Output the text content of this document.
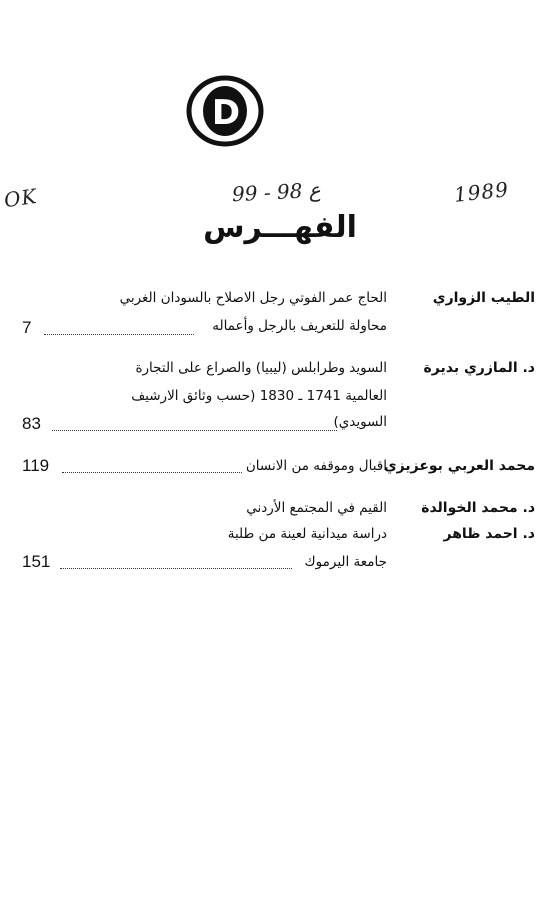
D
OK	99 - 98 ع	1989
الفهـــرس
الطيب الزواري
الحاج عمر الفوتي رجل الاصلاح بالسودان الغربي
محاولة للتعريف بالرجل وأعماله
7
د. المازري بديرة
السويد وطرابلس (ليبيا) والصراع على التجارة
العالمية 1741 ـ 1830 (حسب وثائق الارشيف
السويدي)
83
محمد العربي بوعزيزي
اقبال وموقفه من الانسان
119
د. محمد الخوالدة
القيم في المجتمع الأردني
د. احمد ظاهر
دراسة ميدانية لعينة من طلبة
جامعة اليرموك
151
